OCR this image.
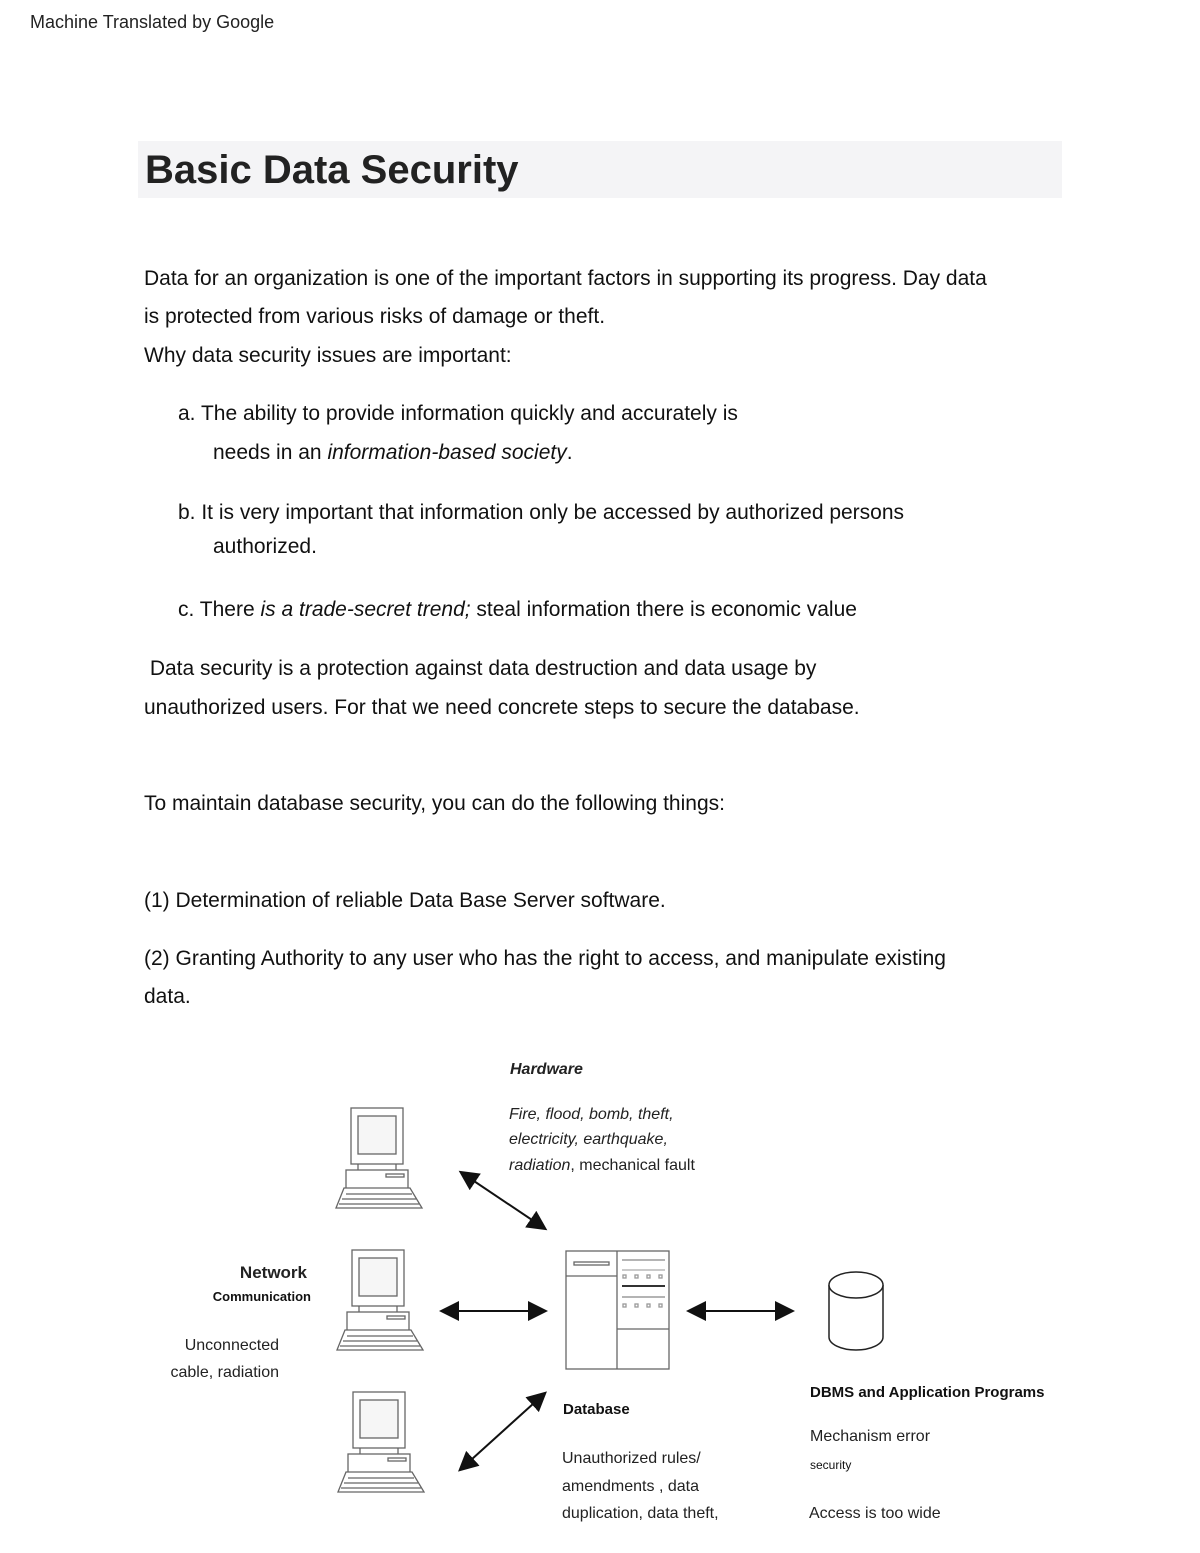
Machine Translated by Google
Basic Data Security
Data for an organization is one of the important factors in supporting its progress. Day data
is protected from various risks of damage or theft.
Why data security issues are important:
a. The ability to provide information quickly and accurately is
needs in an information-based society.
b. It is very important that information only be accessed by authorized persons
authorized.
c. There is a trade-secret trend; steal information there is economic value
Data security is a protection against data destruction and data usage by
unauthorized users. For that we need concrete steps to secure the database.
To maintain database security, you can do the following things:
(1) Determination of reliable Data Base Server software.
(2) Granting Authority to any user who has the right to access, and manipulate existing
data.
Hardware
Fire, flood, bomb, theft,
electricity, earthquake,
radiation, mechanical fault
Network
Communication
Unconnected
cable, radiation
Database
Unauthorized rules/
amendments , data
duplication, data theft,
DBMS and Application Programs
Mechanism error
security
Access is too wide
